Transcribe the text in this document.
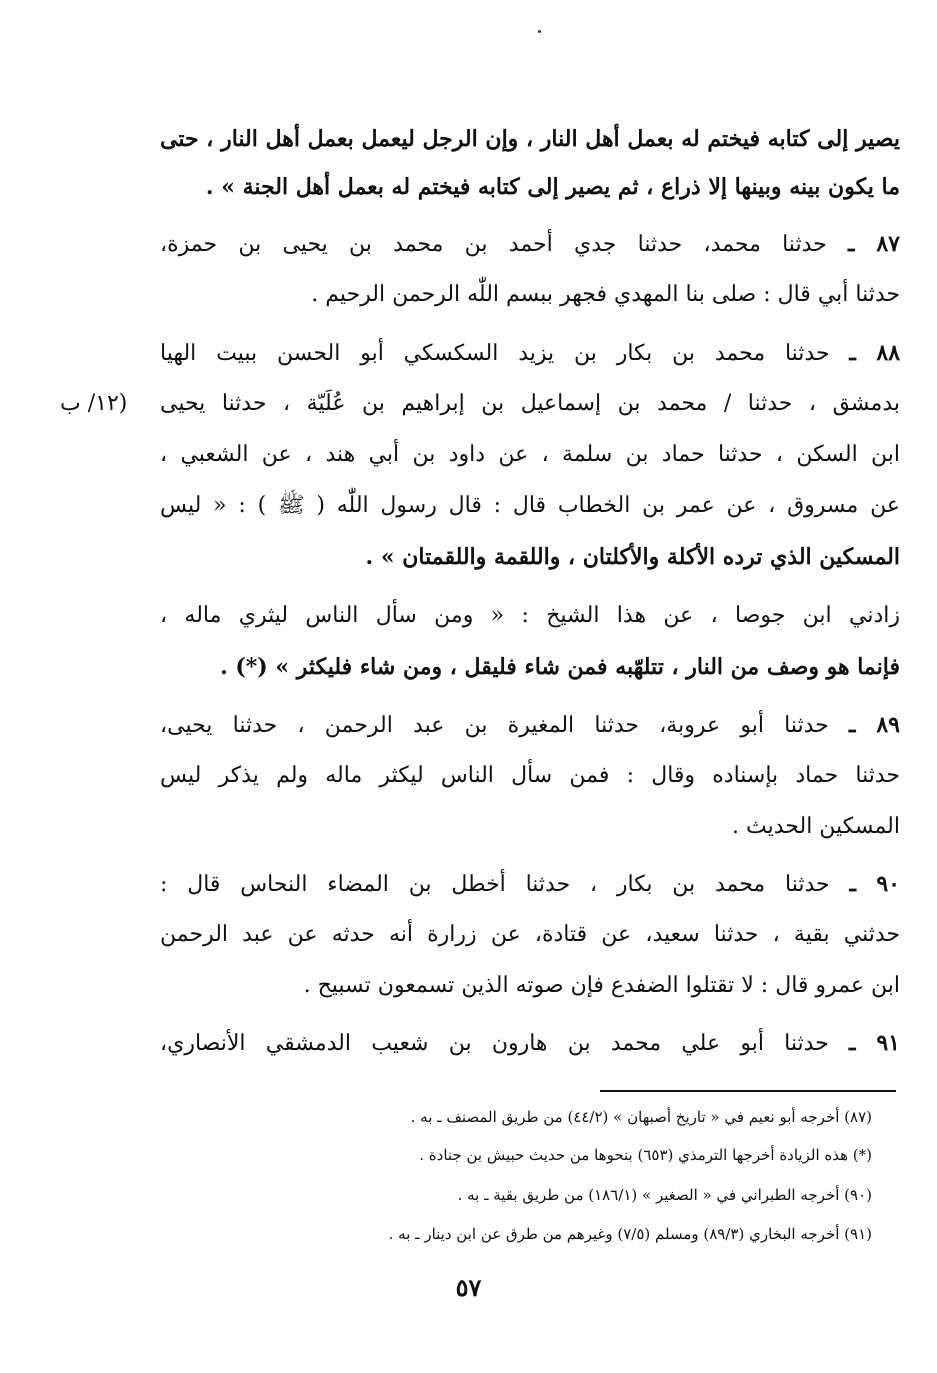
يصير إلى كتابه فيختم له بعمل أهل النار ، وإن الرجل ليعمل بعمل أهل النار ، حتى
ما يكون بينه وبينها إلا ذراع ، ثم يصير إلى كتابه فيختم له بعمل أهل الجنة » .
٨٧ ـ حدثنا محمد، حدثنا جدي أحمد بن محمد بن يحيى بن حمزة،
حدثنا أبي قال : صلى بنا المهدي فجهر ببسم اللّٰه الرحمن الرحيم .
٨٨ ـ حدثنا محمد بن بكار بن يزيد السكسكي أبو الحسن ببيت الهيا
بدمشق ، حدثنا / محمد بن إسماعيل بن إبراهيم بن عُلَيّة ، حدثنا يحيى
(١٢/ ب
ابن السكن ، حدثنا حماد بن سلمة ، عن داود بن أبي هند ، عن الشعبي ،
عن مسروق ، عن عمر بن الخطاب قال : قال رسول اللّٰه ( ﷺ ) : « ليس
المسكين الذي ترده الأكلة والأكلتان ، واللقمة واللقمتان » .
زادني ابن جوصا ، عن هذا الشيخ : « ومن سأل الناس ليثري ماله ،
فإنما هو وصف من النار ، تتلهّبه فمن شاء فليقل ، ومن شاء فليكثر » (*) .
٨٩ ـ حدثنا أبو عروبة، حدثنا المغيرة بن عبد الرحمن ، حدثنا يحيى،
حدثنا حماد بإسناده وقال : فمن سأل الناس ليكثر ماله ولم يذكر ليس
المسكين الحديث .
٩٠ ـ حدثنا محمد بن بكار ، حدثنا أخطل بن المضاء النحاس قال :
حدثني بقية ، حدثنا سعيد، عن قتادة، عن زرارة أنه حدثه عن عبد الرحمن
ابن عمرو قال : لا تقتلوا الضفدع فإن صوته الذين تسمعون تسبيح .
٩١ ـ حدثنا أبو علي محمد بن هارون بن شعيب الدمشقي الأنصاري،
(٨٧) أخرجه أبو نعيم في « تاريخ أصبهان » (٤٤/٢) من طريق المصنف ـ به .
(*) هذه الزيادة أخرجها الترمذي (٦٥٣) بنحوها من حديث حبيش بن جنادة .
(٩٠) أخرجه الطبراني في « الصغير » (١٨٦/١) من طريق بقية ـ به .
(٩١) أخرجه البخاري (٨٩/٣) ومسلم (٧/٥) وغيرهم من طرق عن ابن دينار ـ به .
٥٧
